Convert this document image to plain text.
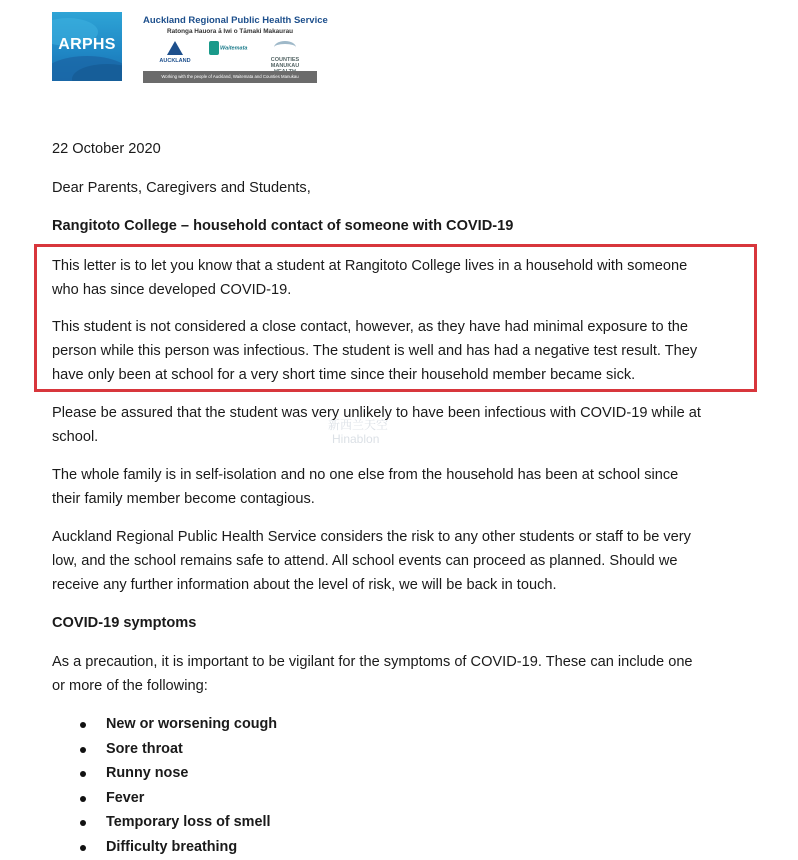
ARPHS
Auckland Regional Public Health Service
Ratonga Hauora ā Iwi o Tāmaki Makaurau
AUCKLAND
Waitemata
COUNTIES MANUKAU
Working with the people of Auckland, Waitemata and Counties Manukau

22 October 2020

Dear Parents, Caregivers and Students,

Rangitoto College – household contact of someone with COVID-19

This letter is to let you know that a student at Rangitoto College lives in a household with someone

who has since developed COVID-19.

This student is not considered a close contact, however, as they have had minimal exposure to the

person while this person was infectious. The student is well and has had a negative test result. They

have only been at school for a very short time since their household member became sick.

Please be assured that the student was very unlikely to have been infectious with COVID-19 while at

school.

新西兰天空
Hinablon

The whole family is in self-isolation and no one else from the household has been at school since

their family member become contagious.

Auckland Regional Public Health Service considers the risk to any other students or staff to be very

low, and the school remains safe to attend. All school events can proceed as planned. Should we

receive any further information about the level of risk, we will be back in touch.

COVID-19 symptoms

As a precaution, it is important to be vigilant for the symptoms of COVID-19. These can include one

or more of the following:

New or worsening cough
Sore throat
Runny nose
Fever
Temporary loss of smell
Difficulty breathing
